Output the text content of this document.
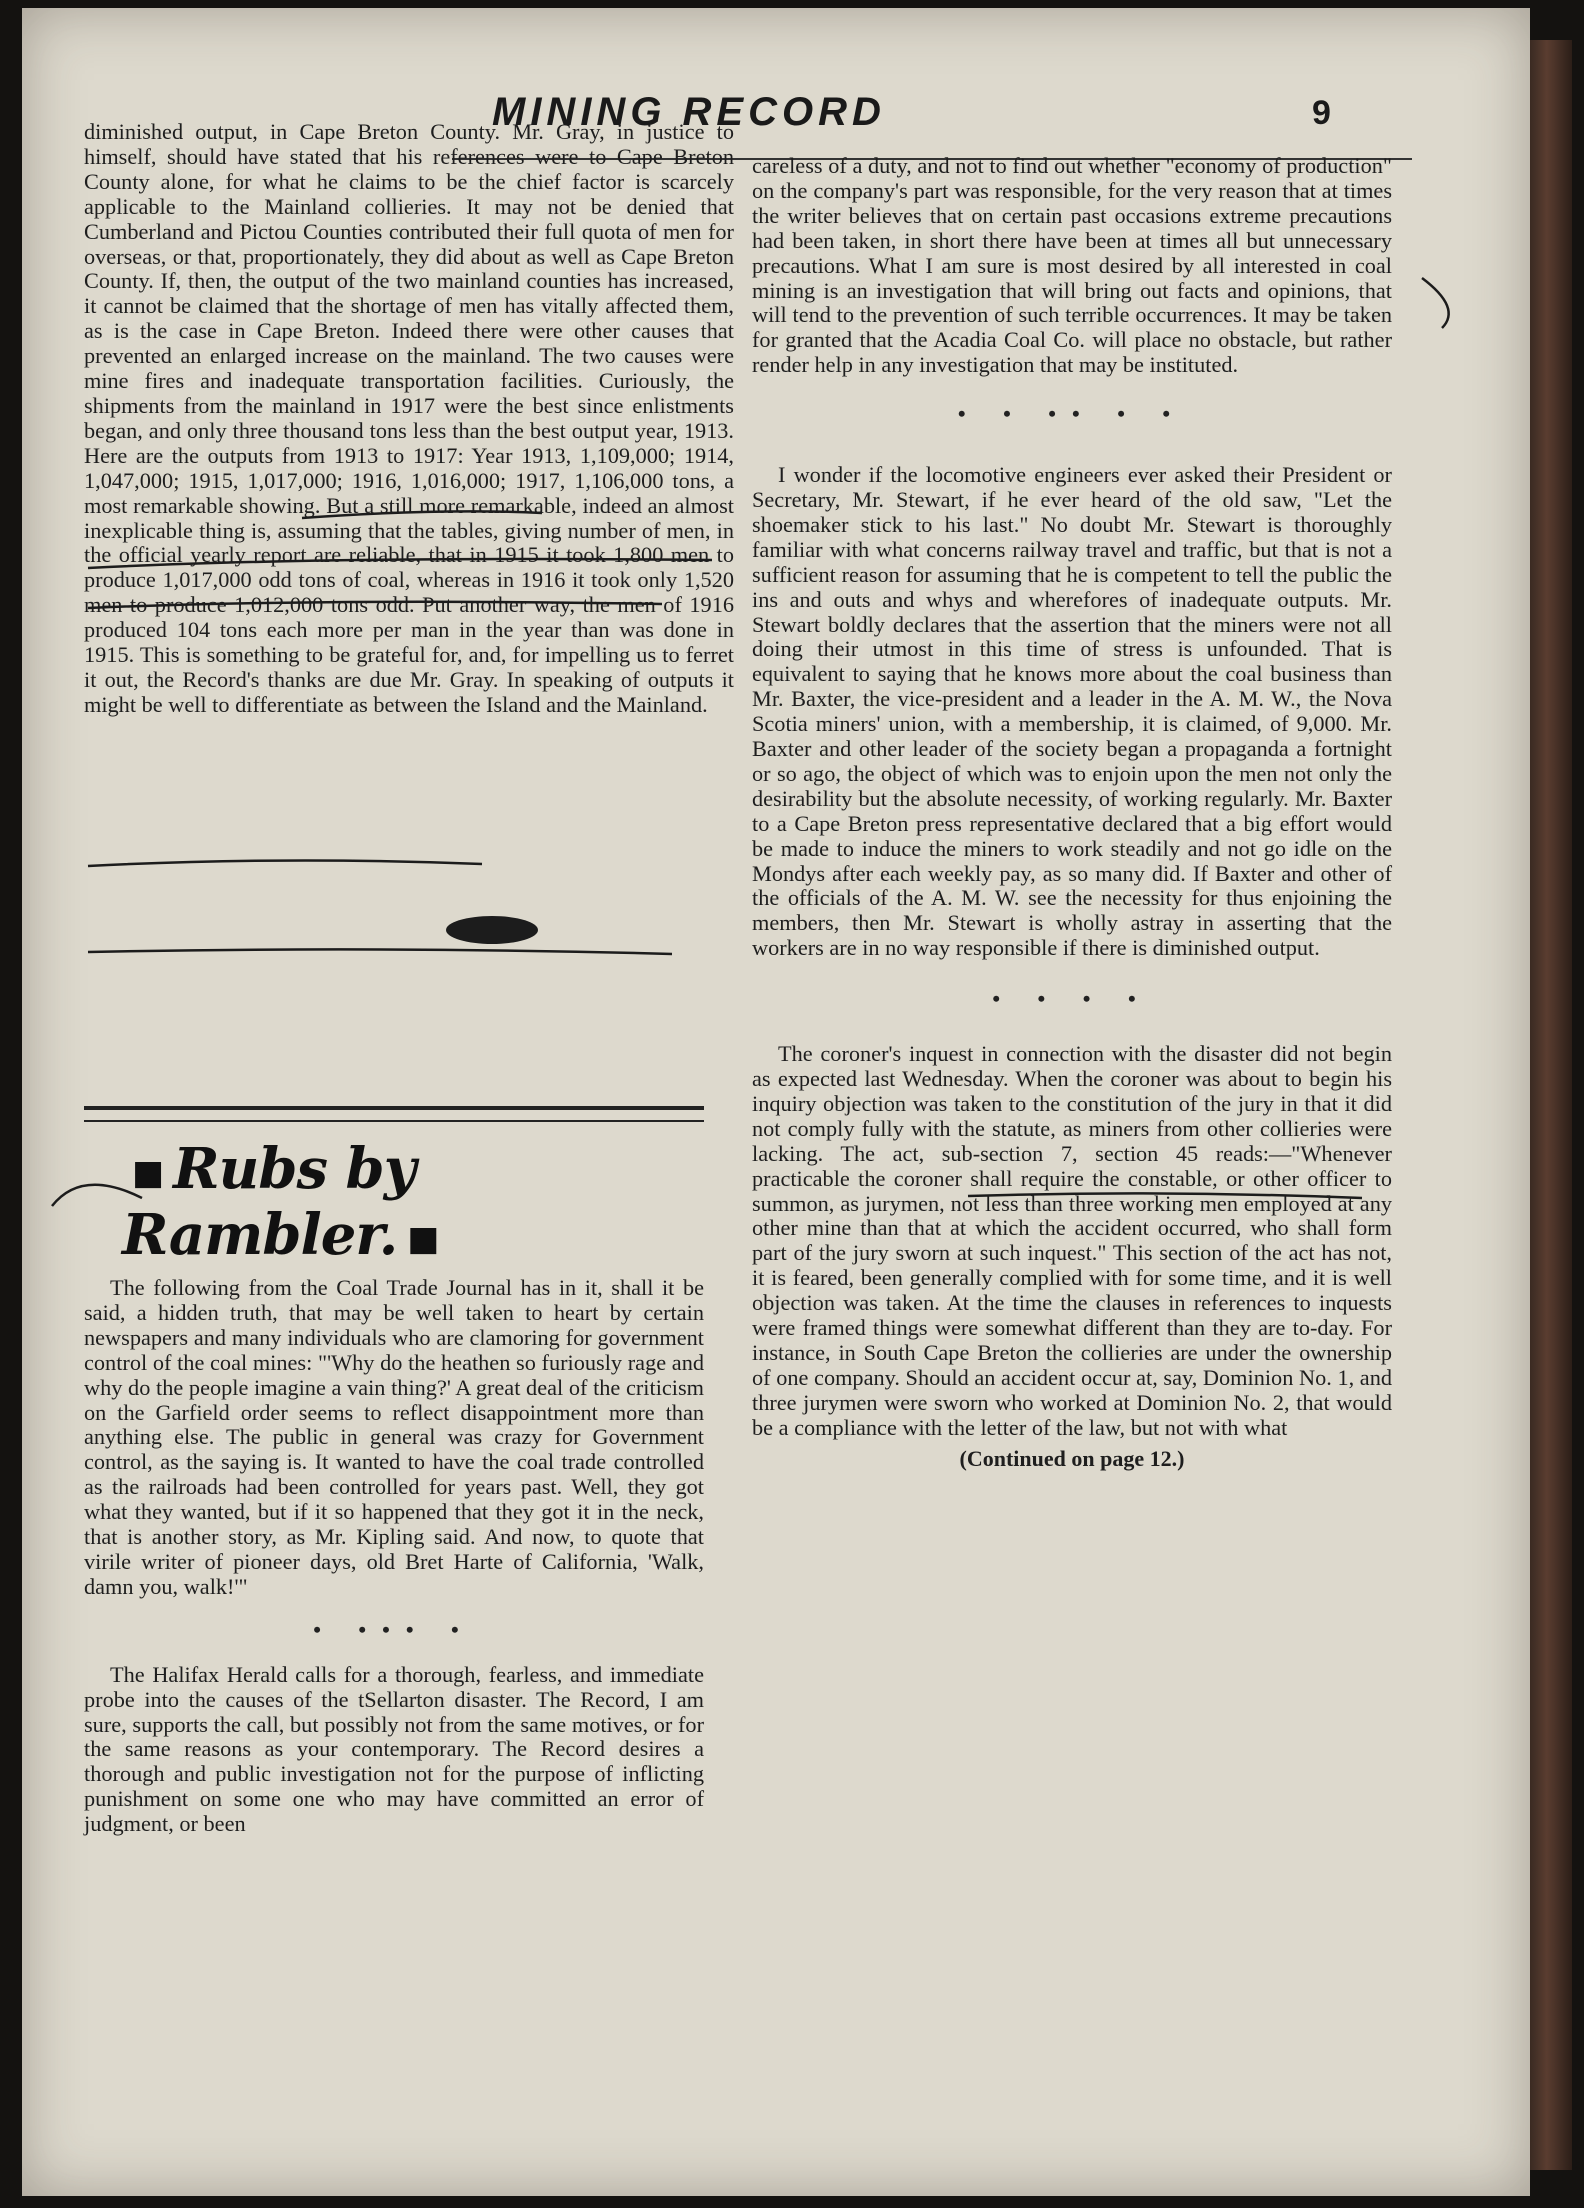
MINING RECORD	9

diminished output, in Cape Breton County. Mr. Gray, in justice to himself, should have stated that his references were to Cape Breton County alone, for what he claims to be the chief factor is scarcely applicable to the Mainland collieries. It may not be denied that Cumberland and Pictou Counties contributed their full quota of men for overseas, or that, proportionately, they did about as well as Cape Breton County. If, then, the output of the two mainland counties has increased, it cannot be claimed that the shortage of men has vitally affected them, as is the case in Cape Breton. Indeed there were other causes that prevented an enlarged increase on the mainland. The two causes were mine fires and inadequate transportation facilities. Curiously, the shipments from the mainland in 1917 were the best since enlistments began, and only three thousand tons less than the best output year, 1913. Here are the outputs from 1913 to 1917: Year 1913, 1,109,000; 1914, 1,047,000; 1915, 1,017,000; 1916, 1,016,000; 1917, 1,106,000 tons, a most remarkable showing. But a still more remarkable, indeed an almost inexplicable thing is, assuming that the tables, giving number of men, in the official yearly report are reliable, that in 1915 it took 1,800 men to produce 1,017,000 odd tons of coal, whereas in 1916 it took only 1,520 men to produce 1,012,000 tons odd. Put another way, the men of 1916 produced 104 tons each more per man in the year than was done in 1915. This is something to be grateful for, and, for impelling us to ferret it out, the Record's thanks are due Mr. Gray. In speaking of outputs it might be well to differentiate as between the Island and the Mainland.

■ Rubs by Rambler. ■

The following from the Coal Trade Journal has in it, shall it be said, a hidden truth, that may be well taken to heart by certain newspapers and many individuals who are clamoring for government control of the coal mines: "'Why do the heathen so furiously rage and why do the people imagine a vain thing?' A great deal of the criticism on the Garfield order seems to reflect disappointment more than anything else. The public in general was crazy for Government control, as the saying is. It wanted to have the coal trade controlled as the railroads had been controlled for years past. Well, they got what they wanted, but if it so happened that they got it in the neck, that is another story, as Mr. Kipling said. And now, to quote that virile writer of pioneer days, old Bret Harte of California, 'Walk, damn you, walk!'"

• ••• •

The Halifax Herald calls for a thorough, fearless, and immediate probe into the causes of the tSellarton disaster. The Record, I am sure, supports the call, but possibly not from the same motives, or for the same reasons as your contemporary. The Record desires a thorough and public investigation not for the purpose of inflicting punishment on some one who may have committed an error of judgment, or been

careless of a duty, and not to find out whether "economy of production" on the company's part was responsible, for the very reason that at times the writer believes that on certain past occasions extreme precautions had been taken, in short there have been at times all but unnecessary precautions. What I am sure is most desired by all interested in coal mining is an investigation that will bring out facts and opinions, that will tend to the prevention of such terrible occurrences. It may be taken for granted that the Acadia Coal Co. will place no obstacle, but rather render help in any investigation that may be instituted.

• • •• • •

I wonder if the locomotive engineers ever asked their President or Secretary, Mr. Stewart, if he ever heard of the old saw, "Let the shoemaker stick to his last." No doubt Mr. Stewart is thoroughly familiar with what concerns railway travel and traffic, but that is not a sufficient reason for assuming that he is competent to tell the public the ins and outs and whys and wherefores of inadequate outputs. Mr. Stewart boldly declares that the assertion that the miners were not all doing their utmost in this time of stress is unfounded. That is equivalent to saying that he knows more about the coal business than Mr. Baxter, the vice-president and a leader in the A. M. W., the Nova Scotia miners' union, with a membership, it is claimed, of 9,000. Mr. Baxter and other leader of the society began a propaganda a fortnight or so ago, the object of which was to enjoin upon the men not only the desirability but the absolute necessity, of working regularly. Mr. Baxter to a Cape Breton press representative declared that a big effort would be made to induce the miners to work steadily and not go idle on the Mondys after each weekly pay, as so many did. If Baxter and other of the officials of the A. M. W. see the necessity for thus enjoining the members, then Mr. Stewart is wholly astray in asserting that the workers are in no way responsible if there is diminished output.

• • • •

The coroner's inquest in connection with the disaster did not begin as expected last Wednesday. When the coroner was about to begin his inquiry objection was taken to the constitution of the jury in that it did not comply fully with the statute, as miners from other collieries were lacking. The act, sub-section 7, section 45 reads:—"Whenever practicable the coroner shall require the constable, or other officer to summon, as jurymen, not less than three working men employed at any other mine than that at which the accident occurred, who shall form part of the jury sworn at such inquest." This section of the act has not, it is feared, been generally complied with for some time, and it is well objection was taken. At the time the clauses in references to inquests were framed things were somewhat different than they are to-day. For instance, in South Cape Breton the collieries are under the ownership of one company. Should an accident occur at, say, Dominion No. 1, and three jurymen were sworn who worked at Dominion No. 2, that would be a compliance with the letter of the law, but not with what

(Continued on page 12.)
